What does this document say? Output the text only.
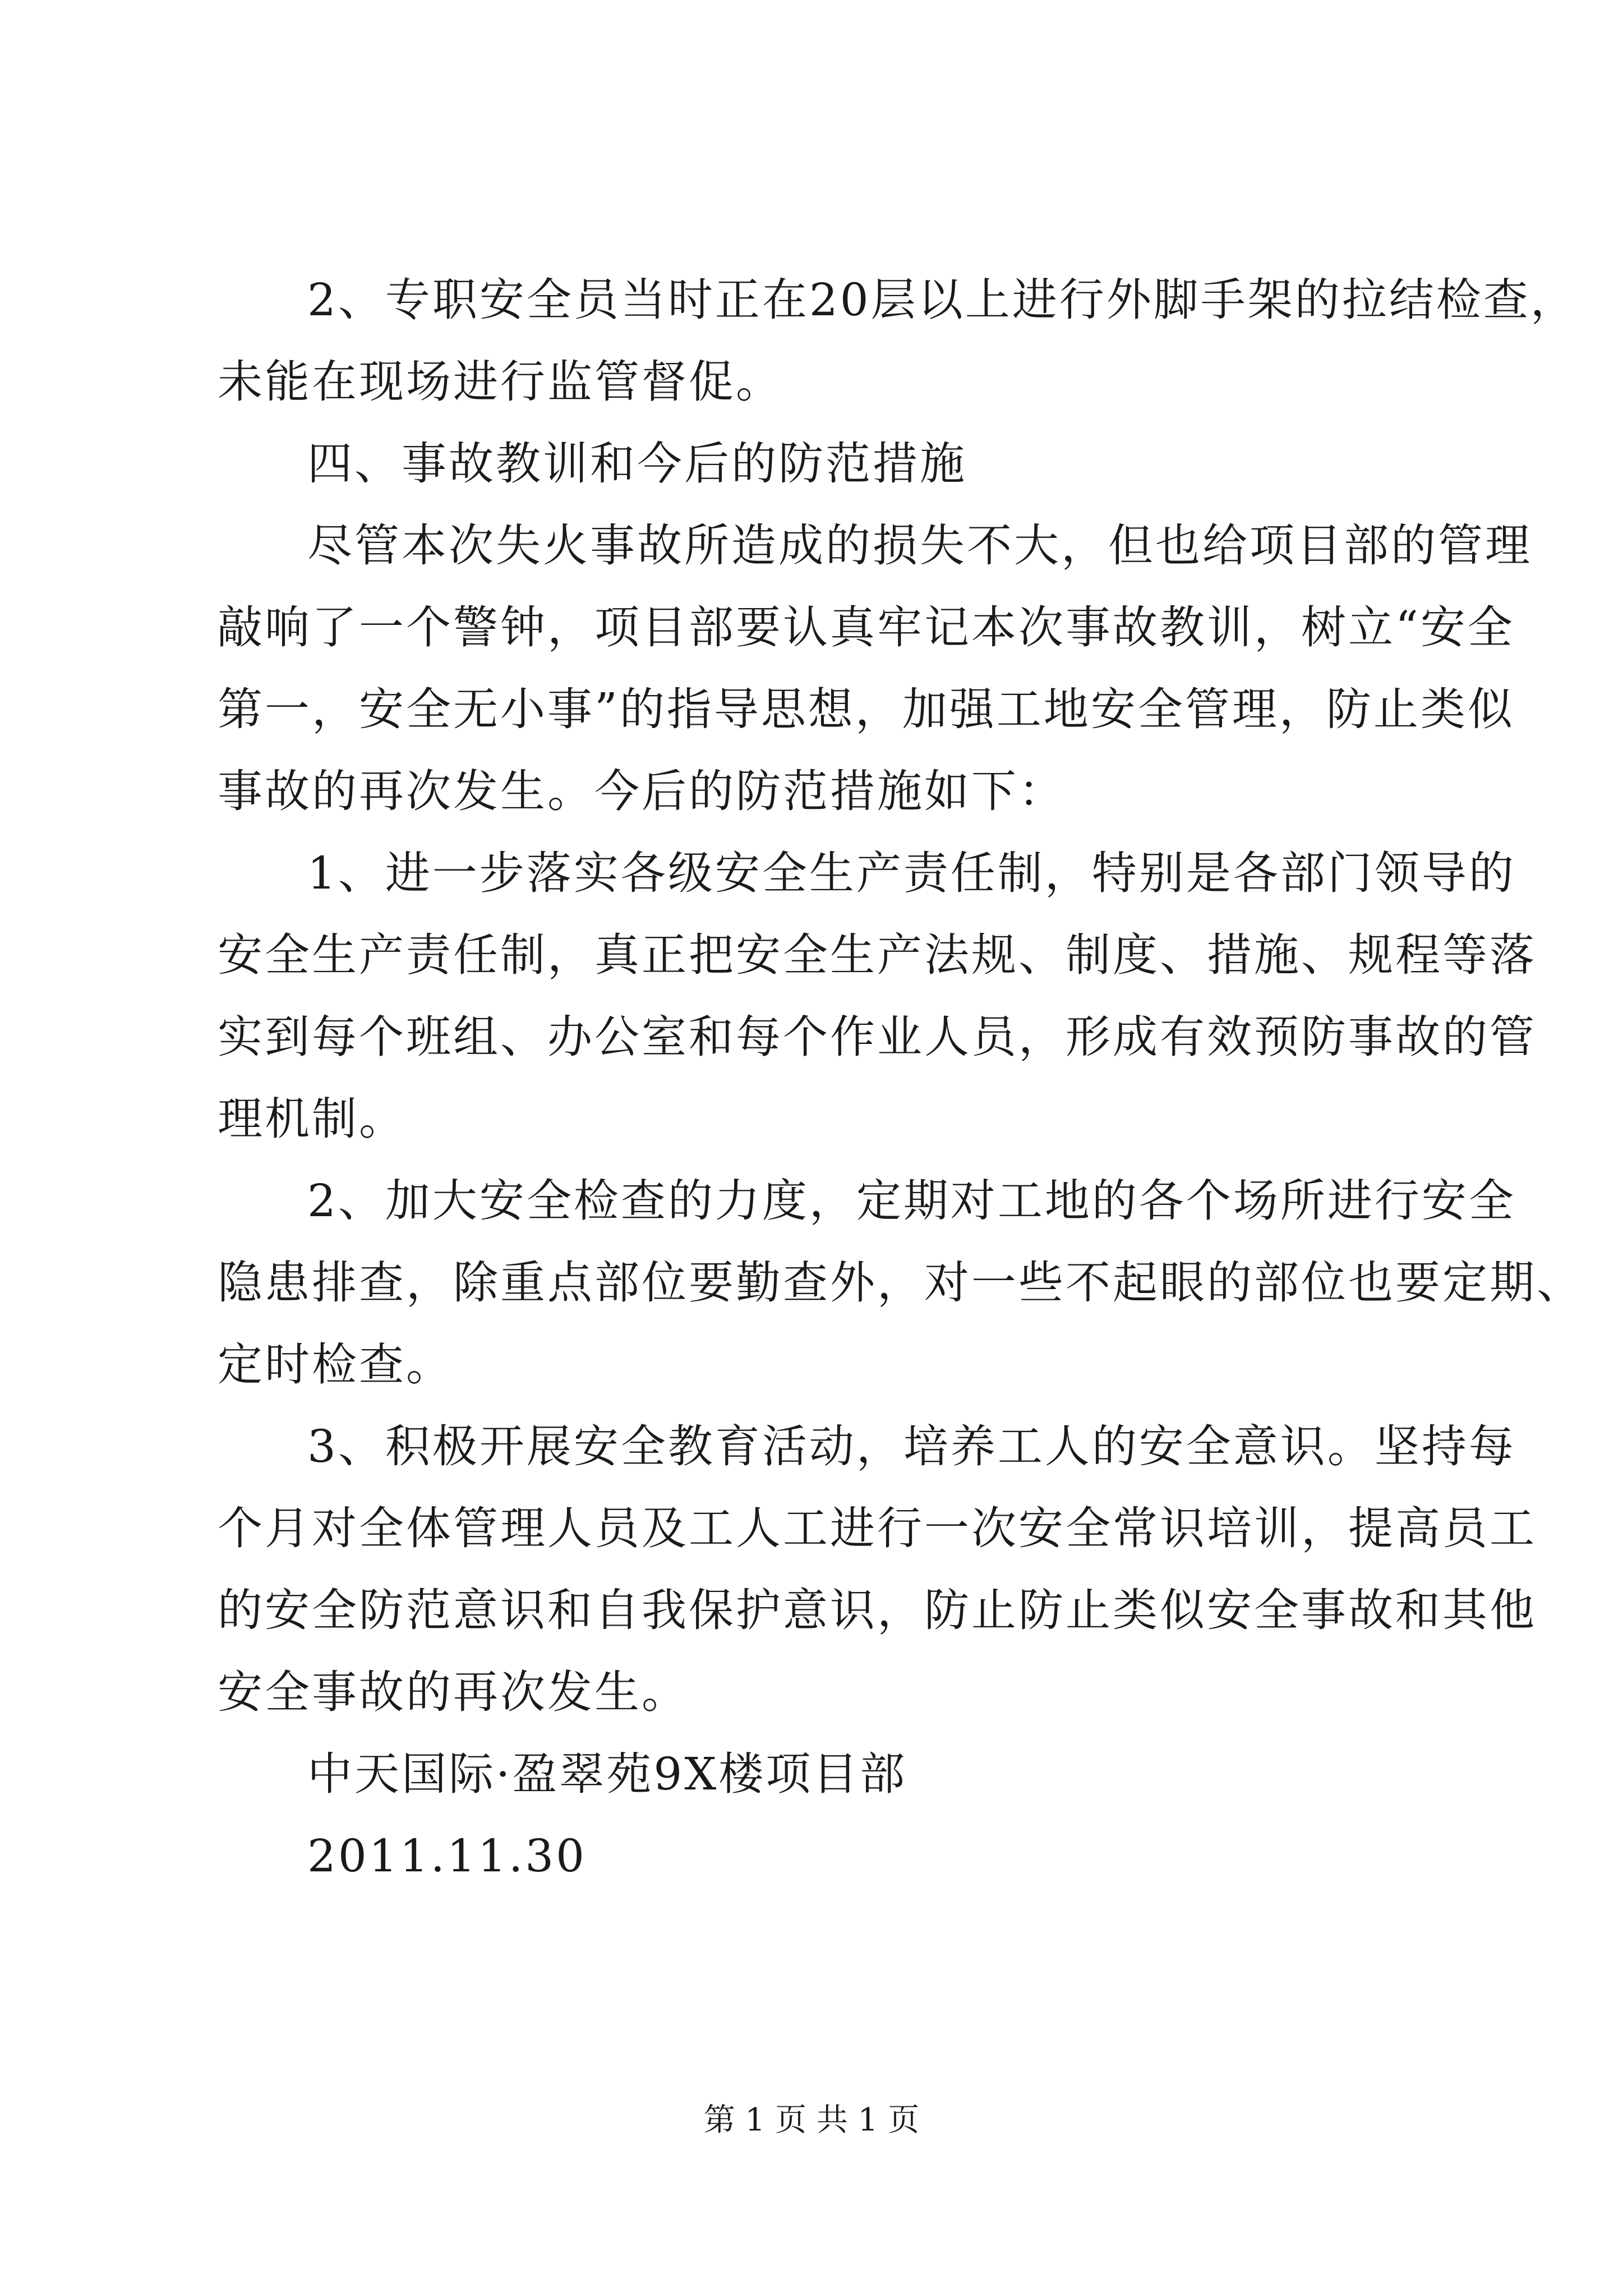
2、专职安全员当时正在20层以上进行外脚手架的拉结检查，
未能在现场进行监管督促。
四、事故教训和今后的防范措施
尽管本次失火事故所造成的损失不大，但也给项目部的管理
敲响了一个警钟，项目部要认真牢记本次事故教训，树立“安全
第一，安全无小事”的指导思想，加强工地安全管理，防止类似
事故的再次发生。今后的防范措施如下：
1、进一步落实各级安全生产责任制，特别是各部门领导的
安全生产责任制，真正把安全生产法规、制度、措施、规程等落
实到每个班组、办公室和每个作业人员，形成有效预防事故的管
理机制。
2、加大安全检查的力度，定期对工地的各个场所进行安全
隐患排查，除重点部位要勤查外，对一些不起眼的部位也要定期、
定时检查。
3、积极开展安全教育活动，培养工人的安全意识。坚持每
个月对全体管理人员及工人工进行一次安全常识培训，提高员工
的安全防范意识和自我保护意识，防止防止类似安全事故和其他
安全事故的再次发生。
中天国际·盈翠苑9X楼项目部
2011.11.30
第 1 页 共 1 页
